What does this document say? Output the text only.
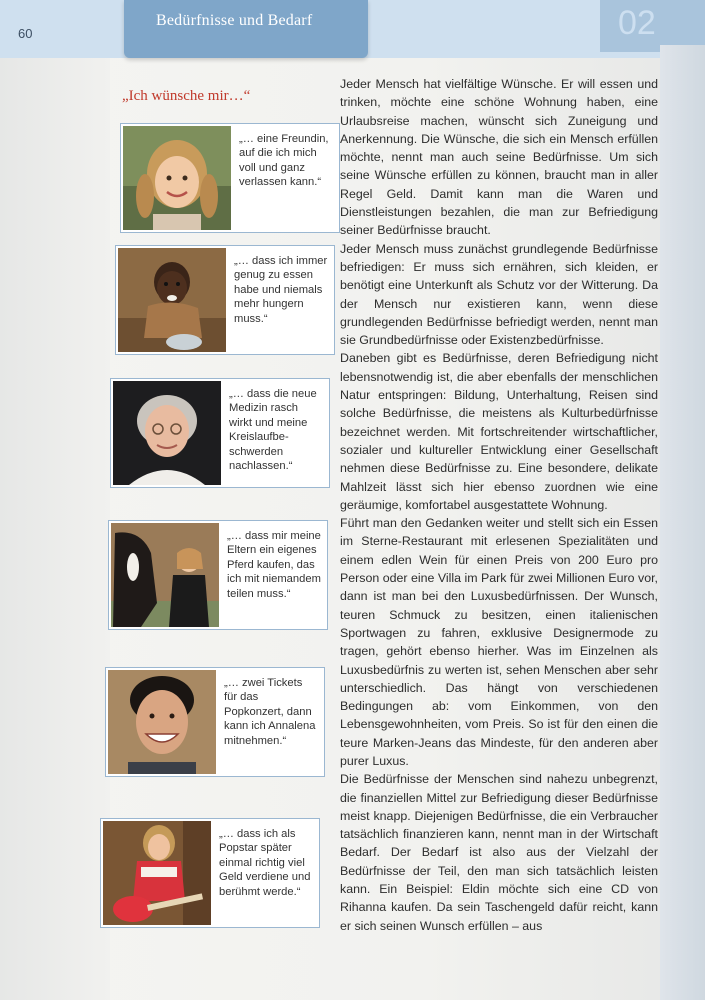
60
Bedürfnisse und Bedarf	02
„Ich wünsche mir…“
„… eine Freundin, auf die ich mich voll und ganz verlassen kann.“
„… dass ich immer genug zu essen habe und niemals mehr hungern muss.“
„… dass die neue Medizin rasch wirkt und meine Kreislaufbeschwerden nachlassen.“
„… dass mir meine Eltern ein eigenes Pferd kaufen, das ich mit niemandem teilen muss.“
„… zwei Tickets für das Popkonzert, dann kann ich Annalena mitnehmen.“
„… dass ich als Popstar später einmal richtig viel Geld verdiene und berühmt werde.“

Jeder Mensch hat vielfältige Wünsche. Er will essen und trinken, möchte eine schöne Wohnung haben, eine Urlaubsreise machen, wünscht sich Zuneigung und Anerkennung. Die Wünsche, die sich ein Mensch erfüllen möchte, nennt man auch seine Bedürfnisse. Um sich seine Wünsche erfüllen zu können, braucht man in aller Regel Geld. Damit kann man die Waren und Dienstleistungen bezahlen, die man zur Befriedigung seiner Bedürfnisse braucht.

Jeder Mensch muss zunächst grundlegende Bedürfnisse befriedigen: Er muss sich ernähren, sich kleiden, er benötigt eine Unterkunft als Schutz vor der Witterung. Da der Mensch nur existieren kann, wenn diese grundlegenden Bedürfnisse befriedigt werden, nennt man sie Grundbedürfnisse oder Existenzbedürfnisse.

Daneben gibt es Bedürfnisse, deren Befriedigung nicht lebensnotwendig ist, die aber ebenfalls der menschlichen Natur entspringen: Bildung, Unterhaltung, Reisen sind solche Bedürfnisse, die meistens als Kulturbedürfnisse bezeichnet werden. Mit fortschreitender wirtschaftlicher, sozialer und kultureller Entwicklung einer Gesellschaft nehmen diese Bedürfnisse zu. Eine besondere, delikate Mahlzeit lässt sich hier ebenso zuordnen wie eine geräumige, komfortabel ausgestattete Wohnung.

Führt man den Gedanken weiter und stellt sich ein Essen im Sterne-Restaurant mit erlesenen Spezialitäten und einem edlen Wein für einen Preis von 200 Euro pro Person oder eine Villa im Park für zwei Millionen Euro vor, dann ist man bei den Luxusbedürfnissen. Der Wunsch, teuren Schmuck zu besitzen, einen italienischen Sportwagen zu fahren, exklusive Designermode zu tragen, gehört ebenso hierher. Was im Einzelnen als Luxusbedürfnis zu werten ist, sehen Menschen aber sehr unterschiedlich. Das hängt von verschiedenen Bedingungen ab: vom Einkommen, von den Lebensgewohnheiten, vom Preis. So ist für den einen die teure Marken-Jeans das Mindeste, für den anderen aber purer Luxus.

Die Bedürfnisse der Menschen sind nahezu unbegrenzt, die finanziellen Mittel zur Befriedigung dieser Bedürfnisse meist knapp. Diejenigen Bedürfnisse, die ein Verbraucher tatsächlich finanzieren kann, nennt man in der Wirtschaft Bedarf. Der Bedarf ist also aus der Vielzahl der Bedürfnisse der Teil, den man sich tatsächlich leisten kann. Ein Beispiel: Eldin möchte sich eine CD von Rihanna kaufen. Da sein Taschengeld dafür reicht, kann er sich seinen Wunsch erfüllen – aus
